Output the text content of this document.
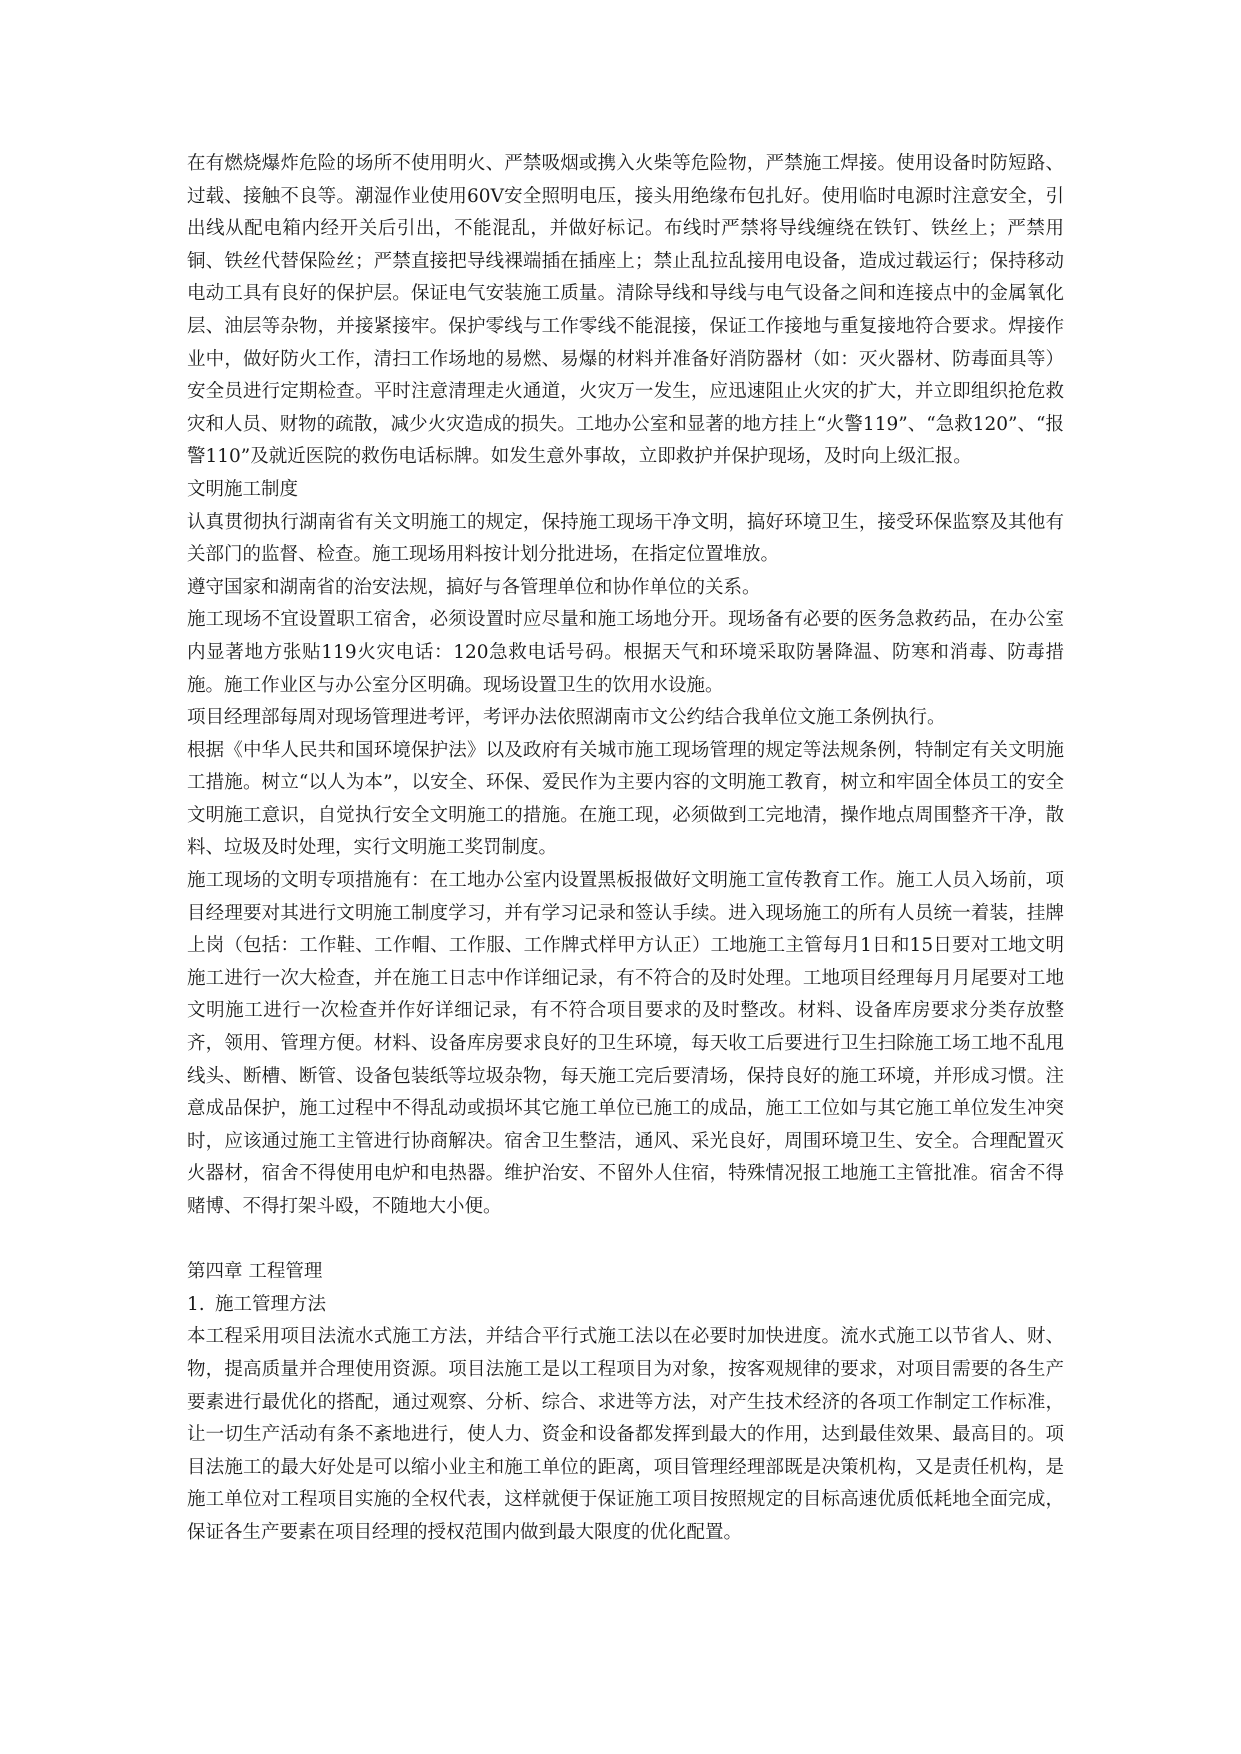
在有燃烧爆炸危险的场所不使用明火、严禁吸烟或携入火柴等危险物，严禁施工焊接。使用设备时防短路、过载、接触不良等。潮湿作业使用60V安全照明电压，接头用绝缘布包扎好。使用临时电源时注意安全，引出线从配电箱内经开关后引出，不能混乱，并做好标记。布线时严禁将导线缠绕在铁钉、铁丝上；严禁用铜、铁丝代替保险丝；严禁直接把导线裸端插在插座上；禁止乱拉乱接用电设备，造成过载运行；保持移动电动工具有良好的保护层。保证电气安装施工质量。清除导线和导线与电气设备之间和连接点中的金属氧化层、油层等杂物，并接紧接牢。保护零线与工作零线不能混接，保证工作接地与重复接地符合要求。焊接作业中，做好防火工作，清扫工作场地的易燃、易爆的材料并准备好消防器材（如：灭火器材、防毒面具等）安全员进行定期检查。平时注意清理走火通道，火灾万一发生，应迅速阻止火灾的扩大，并立即组织抢危救灾和人员、财物的疏散，减少火灾造成的损失。工地办公室和显著的地方挂上“火警119”、“急救120”、“报警110”及就近医院的救伤电话标牌。如发生意外事故，立即救护并保护现场，及时向上级汇报。

文明施工制度

认真贯彻执行湖南省有关文明施工的规定，保持施工现场干净文明，搞好环境卫生，接受环保监察及其他有关部门的监督、检查。施工现场用料按计划分批进场，在指定位置堆放。

遵守国家和湖南省的治安法规，搞好与各管理单位和协作单位的关系。

施工现场不宜设置职工宿舍，必须设置时应尽量和施工场地分开。现场备有必要的医务急救药品，在办公室内显著地方张贴119火灾电话：120急救电话号码。根据天气和环境采取防暑降温、防寒和消毒、防毒措施。施工作业区与办公室分区明确。现场设置卫生的饮用水设施。

项目经理部每周对现场管理进考评，考评办法依照湖南市文公约结合我单位文施工条例执行。

根据《中华人民共和国环境保护法》以及政府有关城市施工现场管理的规定等法规条例，特制定有关文明施工措施。树立“以人为本”，以安全、环保、爱民作为主要内容的文明施工教育，树立和牢固全体员工的安全文明施工意识，自觉执行安全文明施工的措施。在施工现，必须做到工完地清，操作地点周围整齐干净，散料、垃圾及时处理，实行文明施工奖罚制度。

施工现场的文明专项措施有：在工地办公室内设置黑板报做好文明施工宣传教育工作。施工人员入场前，项目经理要对其进行文明施工制度学习，并有学习记录和签认手续。进入现场施工的所有人员统一着装，挂牌上岗（包括：工作鞋、工作帽、工作服、工作牌式样甲方认正）工地施工主管每月1日和15日要对工地文明施工进行一次大检查，并在施工日志中作详细记录，有不符合的及时处理。工地项目经理每月月尾要对工地文明施工进行一次检查并作好详细记录，有不符合项目要求的及时整改。材料、设备库房要求分类存放整齐，领用、管理方便。材料、设备库房要求良好的卫生环境，每天收工后要进行卫生扫除施工场工地不乱甩线头、断槽、断管、设备包装纸等垃圾杂物，每天施工完后要清场，保持良好的施工环境，并形成习惯。注意成品保护，施工过程中不得乱动或损坏其它施工单位已施工的成品，施工工位如与其它施工单位发生冲突时，应该通过施工主管进行协商解决。宿舍卫生整洁，通风、采光良好，周围环境卫生、安全。合理配置灭火器材，宿舍不得使用电炉和电热器。维护治安、不留外人住宿，特殊情况报工地施工主管批准。宿舍不得赌博、不得打架斗殴，不随地大小便。

第四章 工程管理

1. 施工管理方法

本工程采用项目法流水式施工方法，并结合平行式施工法以在必要时加快进度。流水式施工以节省人、财、物，提高质量并合理使用资源。项目法施工是以工程项目为对象，按客观规律的要求，对项目需要的各生产要素进行最优化的搭配，通过观察、分析、综合、求进等方法，对产生技术经济的各项工作制定工作标准，让一切生产活动有条不紊地进行，使人力、资金和设备都发挥到最大的作用，达到最佳效果、最高目的。项目法施工的最大好处是可以缩小业主和施工单位的距离，项目管理经理部既是决策机构，又是责任机构，是施工单位对工程项目实施的全权代表，这样就便于保证施工项目按照规定的目标高速优质低耗地全面完成，保证各生产要素在项目经理的授权范围内做到最大限度的优化配置。
